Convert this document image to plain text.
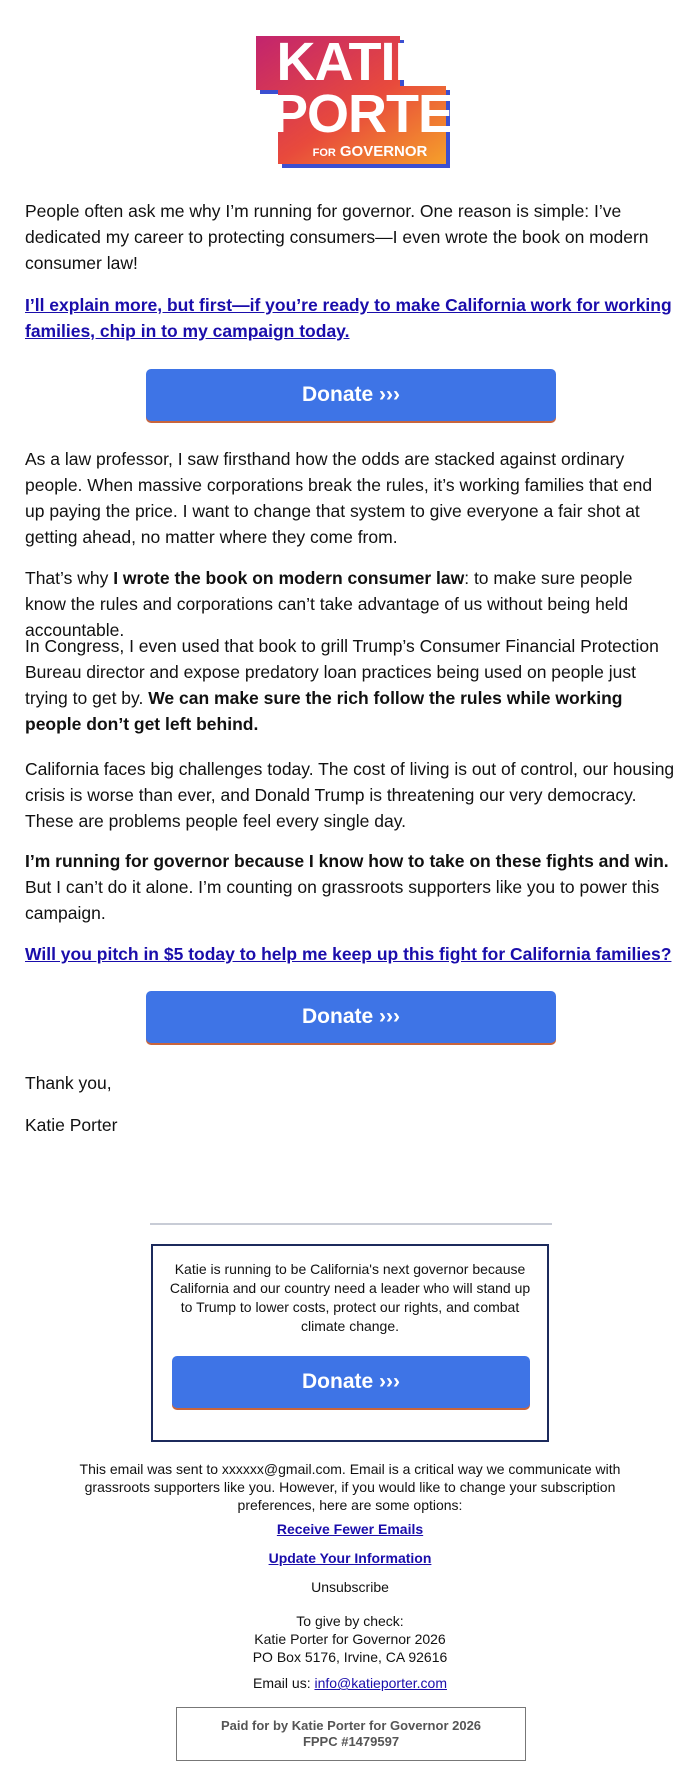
KATIE
PORTER
FOR GOVERNOR

People often ask me why I’m running for governor. One reason is simple: I’ve dedicated my career to protecting consumers—I even wrote the book on modern consumer law!

I’ll explain more, but first—if you’re ready to make California work for working families, chip in to my campaign today.
Donate ›››

As a law professor, I saw firsthand how the odds are stacked against ordinary people. When massive corporations break the rules, it’s working families that end up paying the price. I want to change that system to give everyone a fair shot at getting ahead, no matter where they come from.

That’s why I wrote the book on modern consumer law: to make sure people know the rules and corporations can’t take advantage of us without being held accountable.

In Congress, I even used that book to grill Trump’s Consumer Financial Protection Bureau director and expose predatory loan practices being used on people just trying to get by. We can make sure the rich follow the rules while working people don’t get left behind.

California faces big challenges today. The cost of living is out of control, our housing crisis is worse than ever, and Donald Trump is threatening our very democracy. These are problems people feel every single day.

I’m running for governor because I know how to take on these fights and win. But I can’t do it alone. I’m counting on grassroots supporters like you to power this campaign.

Will you pitch in $5 today to help me keep up this fight for California families?
Donate ›››

Thank you,

Katie Porter

Katie is running to be California's next governor because California and our country need a leader who will stand up to Trump to lower costs, protect our rights, and combat climate change.
Donate ›››
This email was sent to xxxxxx@gmail.com. Email is a critical way we communicate with grassroots supporters like you. However, if you would like to change your subscription preferences, here are some options:
Receive Fewer Emails
Update Your Information
Unsubscribe
To give by check:
Katie Porter for Governor 2026
PO Box 5176, Irvine, CA 92616
Email us: info@katieporter.com
Paid for by Katie Porter for Governor 2026
FPPC #1479597
